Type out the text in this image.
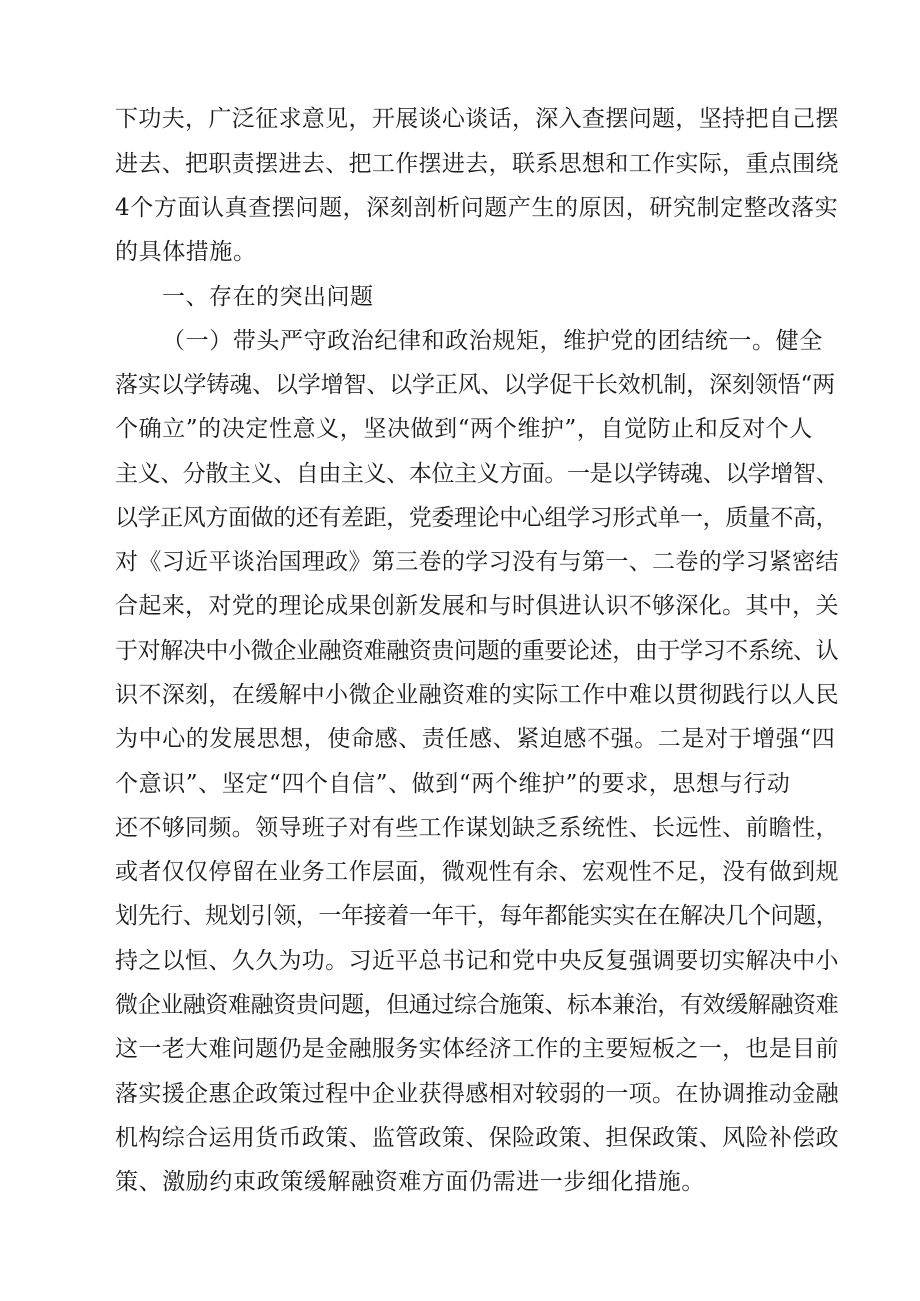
下功夫，广泛征求意见，开展谈心谈话，深入查摆问题，坚持把自己摆
进去、把职责摆进去、把工作摆进去，联系思想和工作实际，重点围绕
4个方面认真查摆问题，深刻剖析问题产生的原因，研究制定整改落实
的具体措施。
一、存在的突出问题
（一）带头严守政治纪律和政治规矩，维护党的团结统一。健全
落实以学铸魂、以学增智、以学正风、以学促干长效机制，深刻领悟“两
个确立”的决定性意义，坚决做到“两个维护”，自觉防止和反对个人
主义、分散主义、自由主义、本位主义方面。一是以学铸魂、以学增智、
以学正风方面做的还有差距，党委理论中心组学习形式单一，质量不高，
对《习近平谈治国理政》第三卷的学习没有与第一、二卷的学习紧密结
合起来，对党的理论成果创新发展和与时俱进认识不够深化。其中，关
于对解决中小微企业融资难融资贵问题的重要论述，由于学习不系统、认
识不深刻，在缓解中小微企业融资难的实际工作中难以贯彻践行以人民
为中心的发展思想，使命感、责任感、紧迫感不强。二是对于增强“四
个意识”、坚定“四个自信”、做到“两个维护”的要求，思想与行动
还不够同频。领导班子对有些工作谋划缺乏系统性、长远性、前瞻性，
或者仅仅停留在业务工作层面，微观性有余、宏观性不足，没有做到规
划先行、规划引领，一年接着一年干，每年都能实实在在解决几个问题，
持之以恒、久久为功。习近平总书记和党中央反复强调要切实解决中小
微企业融资难融资贵问题，但通过综合施策、标本兼治，有效缓解融资难
这一老大难问题仍是金融服务实体经济工作的主要短板之一，也是目前
落实援企惠企政策过程中企业获得感相对较弱的一项。在协调推动金融
机构综合运用货币政策、监管政策、保险政策、担保政策、风险补偿政
策、激励约束政策缓解融资难方面仍需进一步细化措施。
